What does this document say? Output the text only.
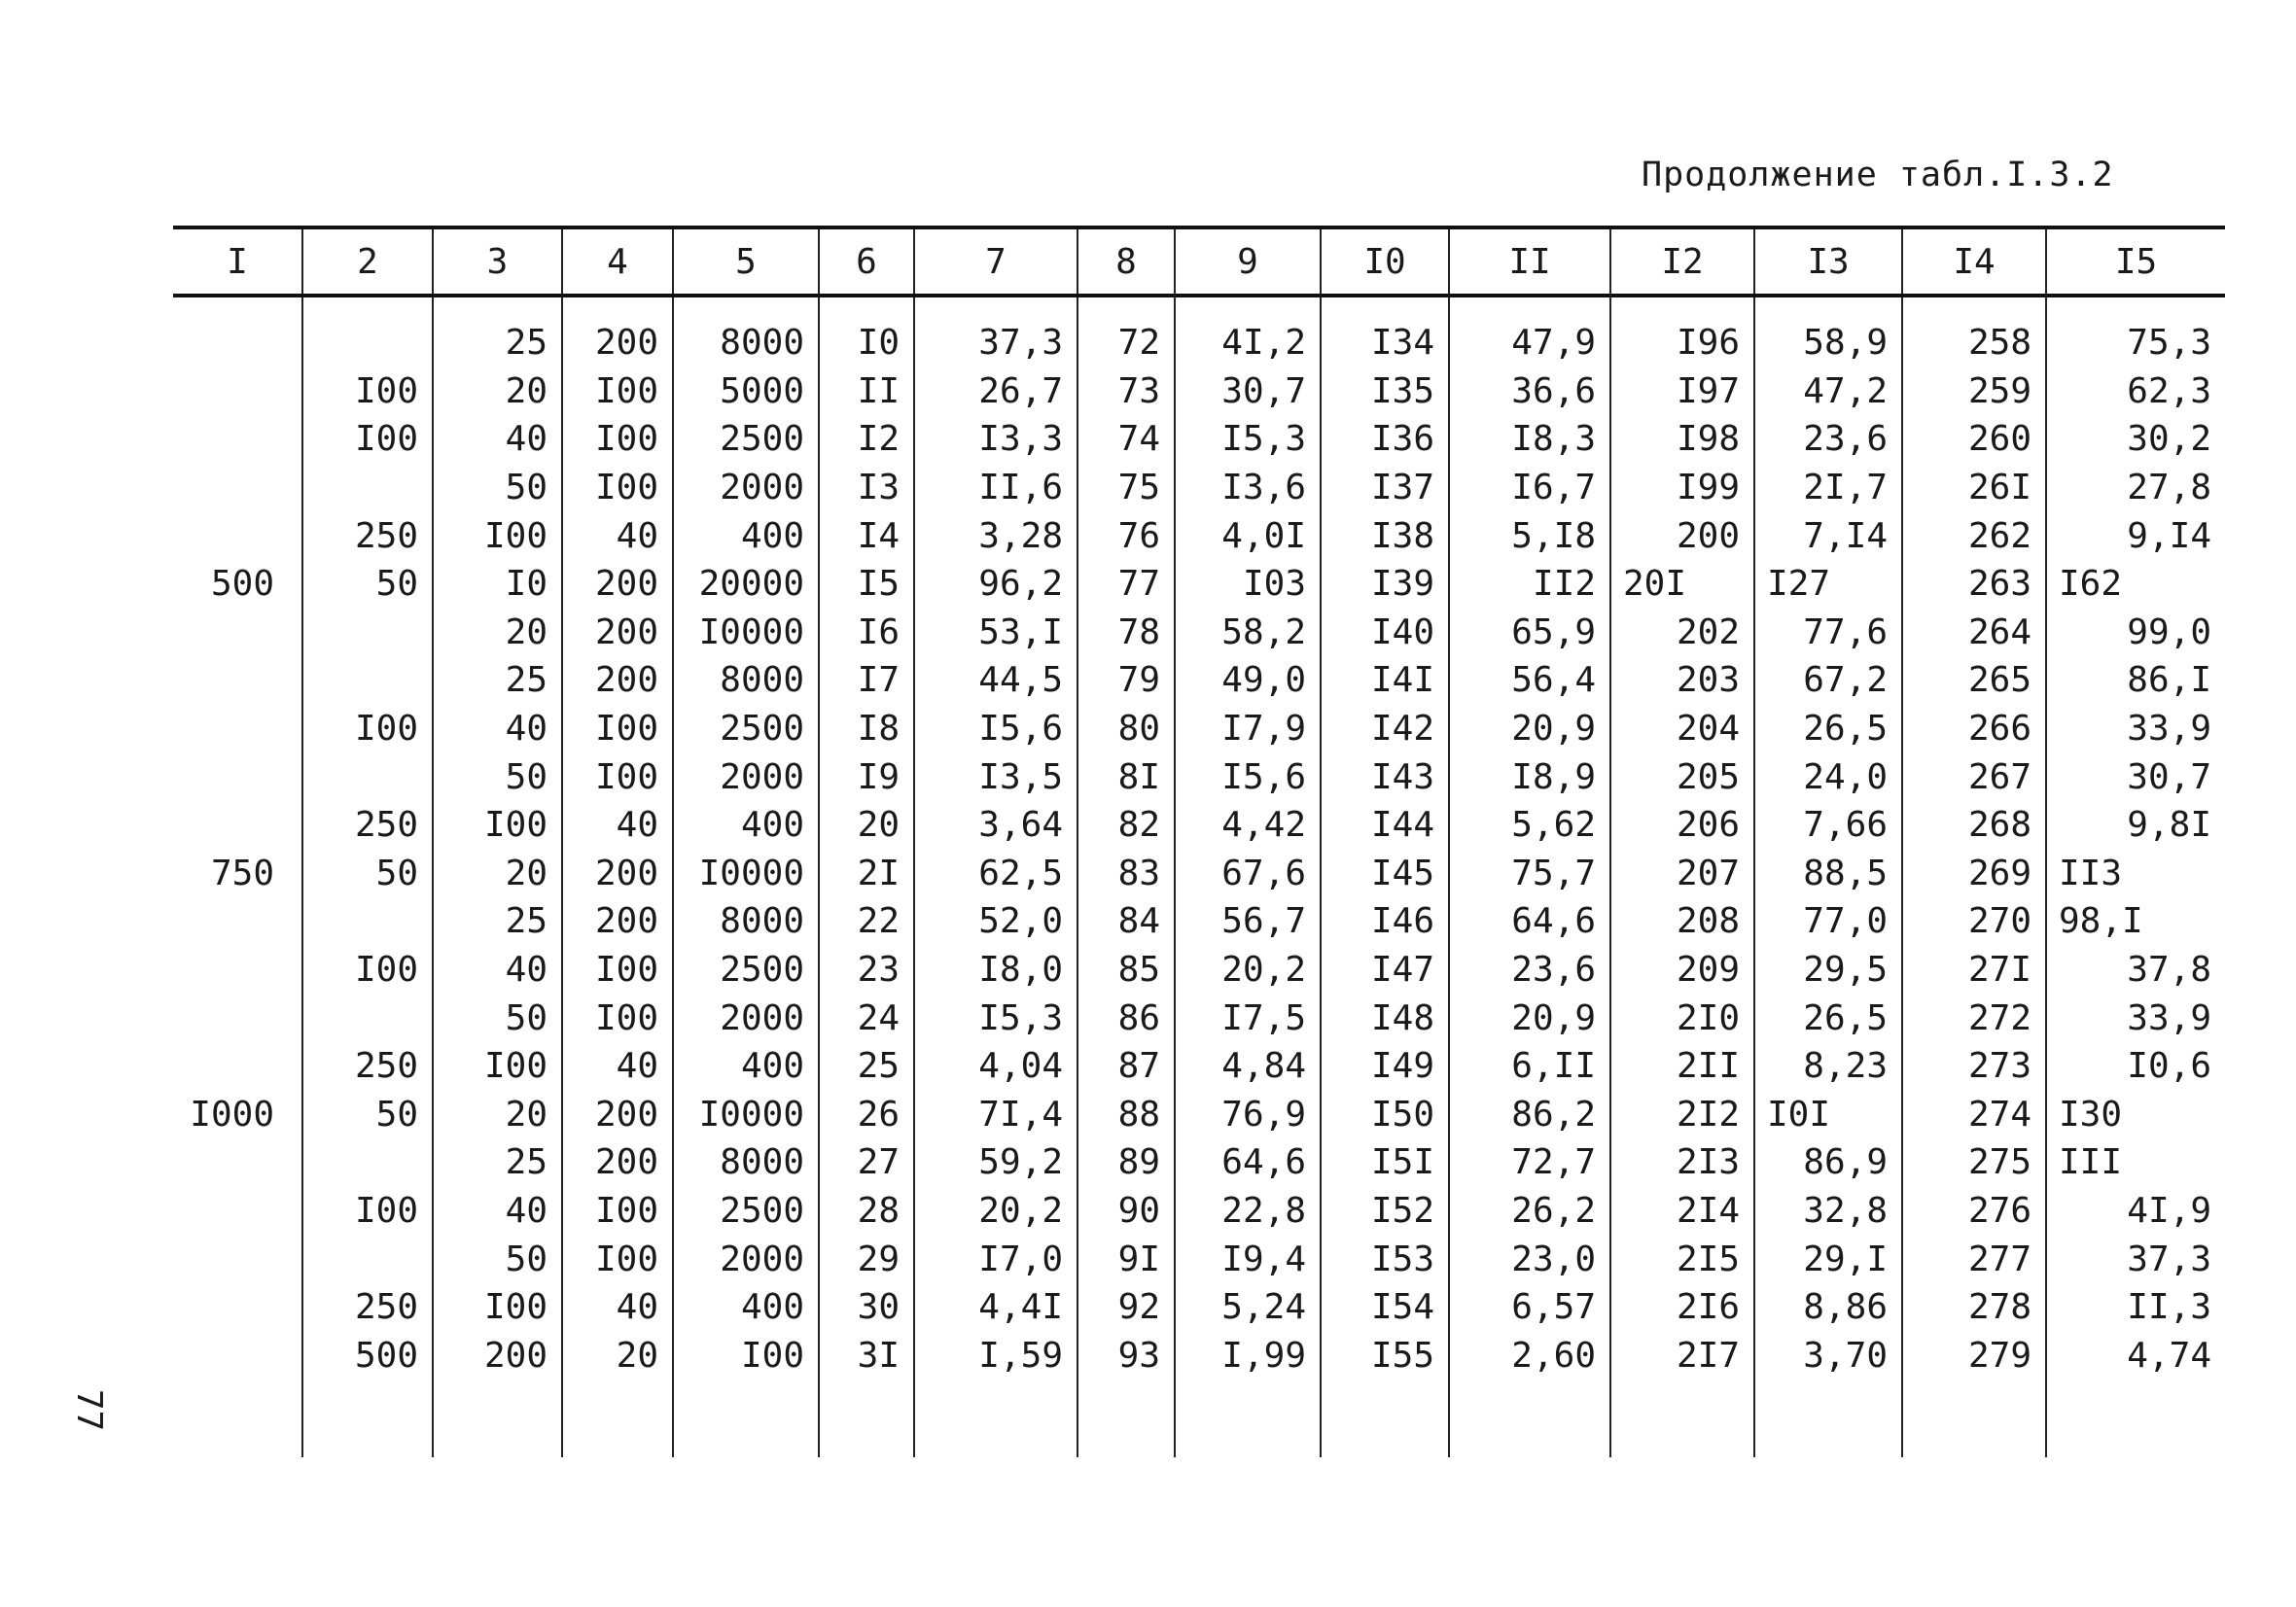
Продолжение табл.I.3.2
I	2	3	4	5	6	7	8	9	I0	II	I2	I3	I4	I5
		25	200	8000	I0	37,3	72	4I,2	I34	47,9	I96	58,9	258	75,3
	I00	20	I00	5000	II	26,7	73	30,7	I35	36,6	I97	47,2	259	62,3
	I00	40	I00	2500	I2	I3,3	74	I5,3	I36	I8,3	I98	23,6	260	30,2
		50	I00	2000	I3	II,6	75	I3,6	I37	I6,7	I99	2I,7	26I	27,8
	250	I00	40	400	I4	3,28	76	4,0I	I38	5,I8	200	7,I4	262	9,I4
500	50	I0	200	20000	I5	96,2	77	I03	I39	II2	20I	I27	263	I62
		20	200	I0000	I6	53,I	78	58,2	I40	65,9	202	77,6	264	99,0
		25	200	8000	I7	44,5	79	49,0	I4I	56,4	203	67,2	265	86,I
	I00	40	I00	2500	I8	I5,6	80	I7,9	I42	20,9	204	26,5	266	33,9
		50	I00	2000	I9	I3,5	8I	I5,6	I43	I8,9	205	24,0	267	30,7
	250	I00	40	400	20	3,64	82	4,42	I44	5,62	206	7,66	268	9,8I
750	50	20	200	I0000	2I	62,5	83	67,6	I45	75,7	207	88,5	269	II3
		25	200	8000	22	52,0	84	56,7	I46	64,6	208	77,0	270	98,I
	I00	40	I00	2500	23	I8,0	85	20,2	I47	23,6	209	29,5	27I	37,8
		50	I00	2000	24	I5,3	86	I7,5	I48	20,9	2I0	26,5	272	33,9
	250	I00	40	400	25	4,04	87	4,84	I49	6,II	2II	8,23	273	I0,6
I000	50	20	200	I0000	26	7I,4	88	76,9	I50	86,2	2I2	I0I	274	I30
		25	200	8000	27	59,2	89	64,6	I5I	72,7	2I3	86,9	275	III
	I00	40	I00	2500	28	20,2	90	22,8	I52	26,2	2I4	32,8	276	4I,9
		50	I00	2000	29	I7,0	9I	I9,4	I53	23,0	2I5	29,I	277	37,3
	250	I00	40	400	30	4,4I	92	5,24	I54	6,57	2I6	8,86	278	II,3
	500	200	20	I00	3I	I,59	93	I,99	I55	2,60	2I7	3,70	279	4,74

77
